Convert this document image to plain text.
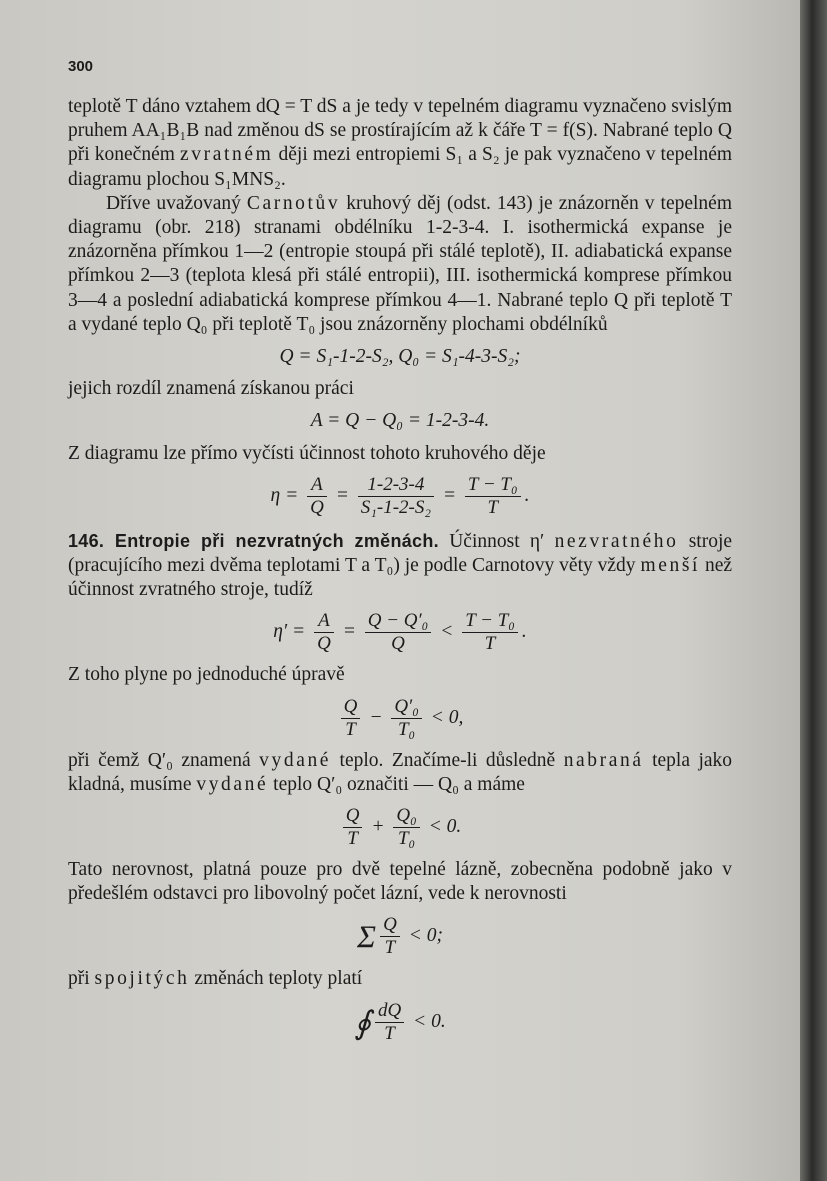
300

teplotě T dáno vztahem dQ = T dS a je tedy v tepelném diagramu vyznačeno svislým pruhem AA₁B₁B nad změnou dS se prostírajícím až k čáře T = f(S). Nabrané teplo Q při konečném zvratném ději mezi entropiemi S₁ a S₂ je pak vyznačeno v tepelném diagramu plochou S₁MNS₂.

Dříve uvažovaný Carnotův kruhový děj (odst. 143) je znázorněn v tepelném diagramu (obr. 218) stranami obdélníku 1-2-3-4. I. isothermická expanse je znázorněna přímkou 1—2 (entropie stoupá při stálé teplotě), II. adiabatická expanse přímkou 2—3 (teplota klesá při stálé entropii), III. isothermická komprese přímkou 3—4 a poslední adiabatická komprese přímkou 4—1. Nabrané teplo Q při teplotě T a vydané teplo Q₀ při teplotě T₀ jsou znázorněny plochami obdélníků

Q = S₁-1-2-S₂, Q₀ = S₁-4-3-S₂;

jejich rozdíl znamená získanou práci

A = Q − Q₀ = 1-2-3-4.

Z diagramu lze přímo vyčísti účinnost tohoto kruhového děje

$\eta = \frac{A}{Q} = \frac{1-2-3-4}{\text{S₁-1-2-S₂}} = \frac{\text{T − T₀}}{T}$ .

146. Entropie při nezvratných změnách. Účinnost η′ nezvratného stroje (pracujícího mezi dvěma teplotami T a T₀) je podle Carnotovy věty vždy menší než účinnost zvratného stroje, tudíž

$\eta' = \frac{A}{Q} = \frac{\text{Q − Q′₀}}{Q} < \frac{\text{T − T₀}}{T}$ .

Z toho plyne po jednoduché úpravě

$\frac{Q}{T} - \frac{\text{Q′₀}}{\text{T₀}} < 0$,

při čemž Q′₀ znamená vydané teplo. Značíme-li důsledně nabraná tepla jako kladná, musíme vydané teplo Q′₀ označiti — Q₀ a máme

$\frac{Q}{T} + \frac{\text{Q₀}}{\text{T₀}} < 0$.

Tato nerovnost, platná pouze pro dvě tepelné lázně, zobecněna podobně jako v předešlém odstavci pro libovolný počet lázní, vede k nerovnosti

Σ $\frac{Q}{T} < 0$;

při spojitých změnách teploty platí

∮ $\frac{dQ}{T} < 0$.
